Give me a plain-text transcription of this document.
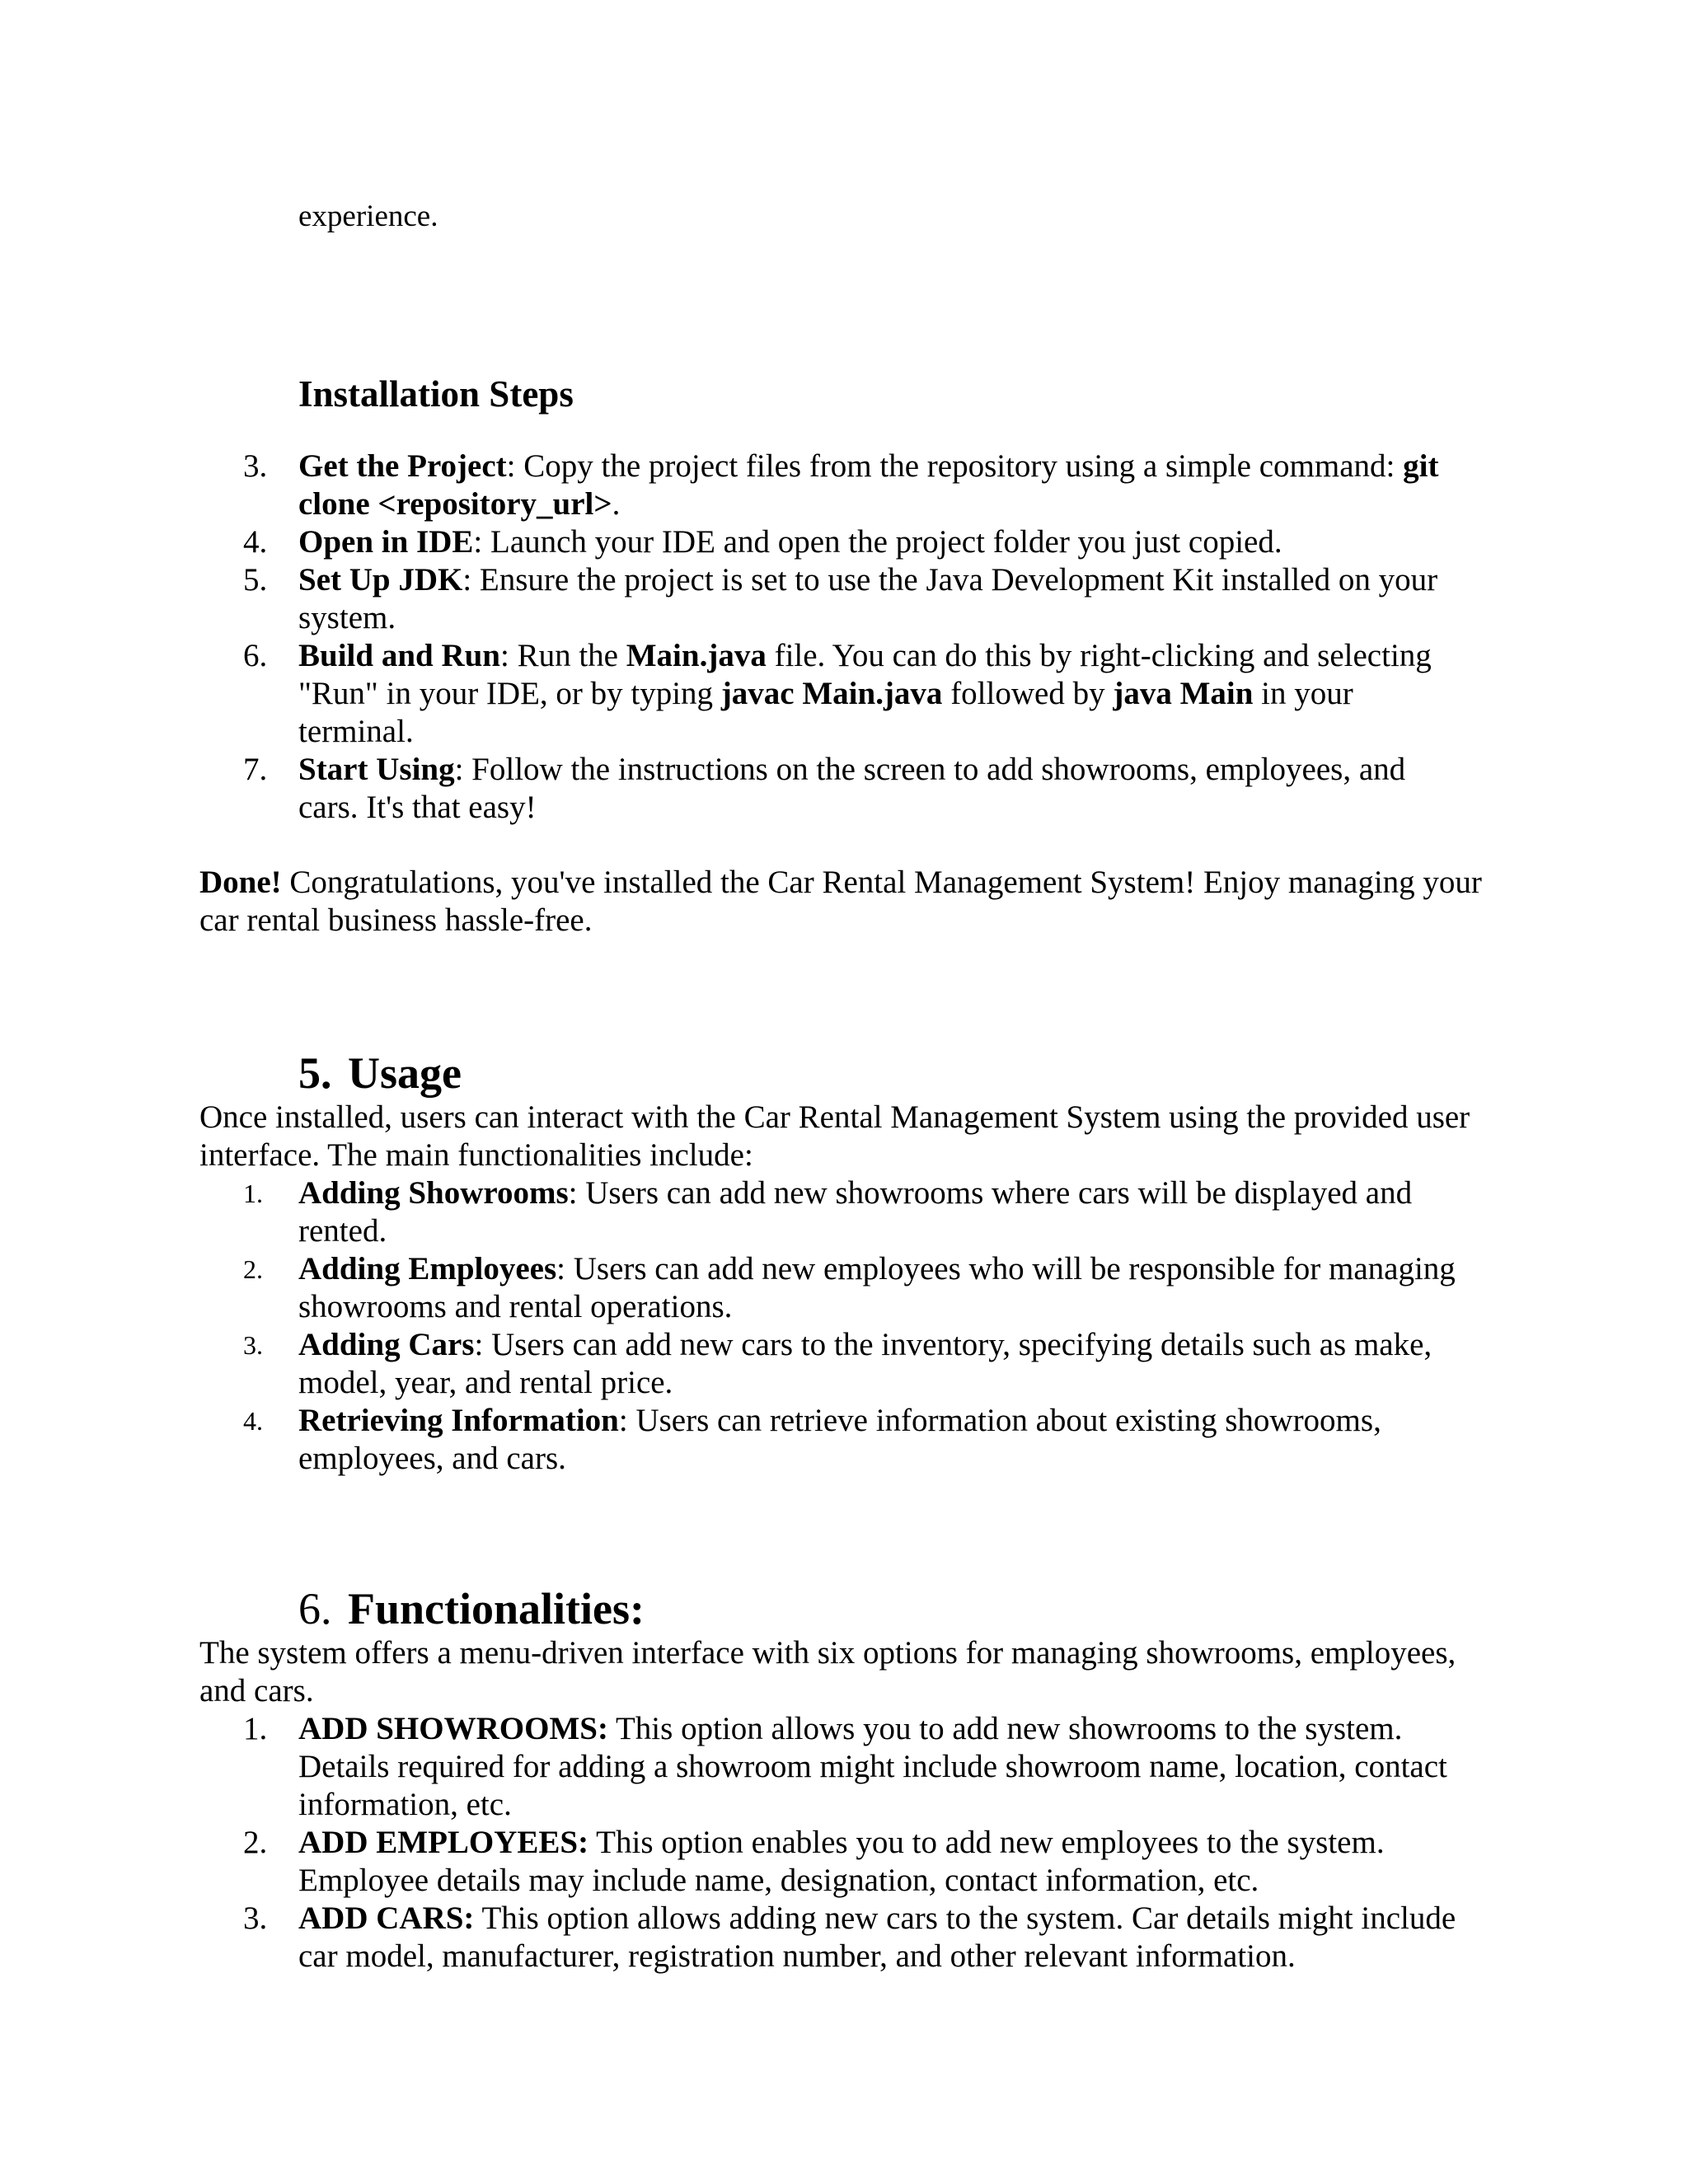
experience.
Installation Steps
3. Get the Project: Copy the project files from the repository using a simple command: git clone <repository_url>.
4. Open in IDE: Launch your IDE and open the project folder you just copied.
5. Set Up JDK: Ensure the project is set to use the Java Development Kit installed on your system.
6. Build and Run: Run the Main.java file. You can do this by right-clicking and selecting "Run" in your IDE, or by typing javac Main.java followed by java Main in your terminal.
7. Start Using: Follow the instructions on the screen to add showrooms, employees, and cars. It's that easy!
Done! Congratulations, you've installed the Car Rental Management System! Enjoy managing your car rental business hassle-free.
5. Usage
Once installed, users can interact with the Car Rental Management System using the provided user interface. The main functionalities include:
1.	Adding Showrooms: Users can add new showrooms where cars will be displayed and rented.
2.	Adding Employees: Users can add new employees who will be responsible for managing showrooms and rental operations.
3.	Adding Cars: Users can add new cars to the inventory, specifying details such as make, model, year, and rental price.
4.	Retrieving Information: Users can retrieve information about existing showrooms, employees, and cars.
6. Functionalities:
The system offers a menu-driven interface with six options for managing showrooms, employees, and cars.
1. ADD SHOWROOMS: This option allows you to add new showrooms to the system. Details required for adding a showroom might include showroom name, location, contact information, etc.
2. ADD EMPLOYEES: This option enables you to add new employees to the system. Employee details may include name, designation, contact information, etc.
3. ADD CARS: This option allows adding new cars to the system. Car details might include car model, manufacturer, registration number, and other relevant information.
